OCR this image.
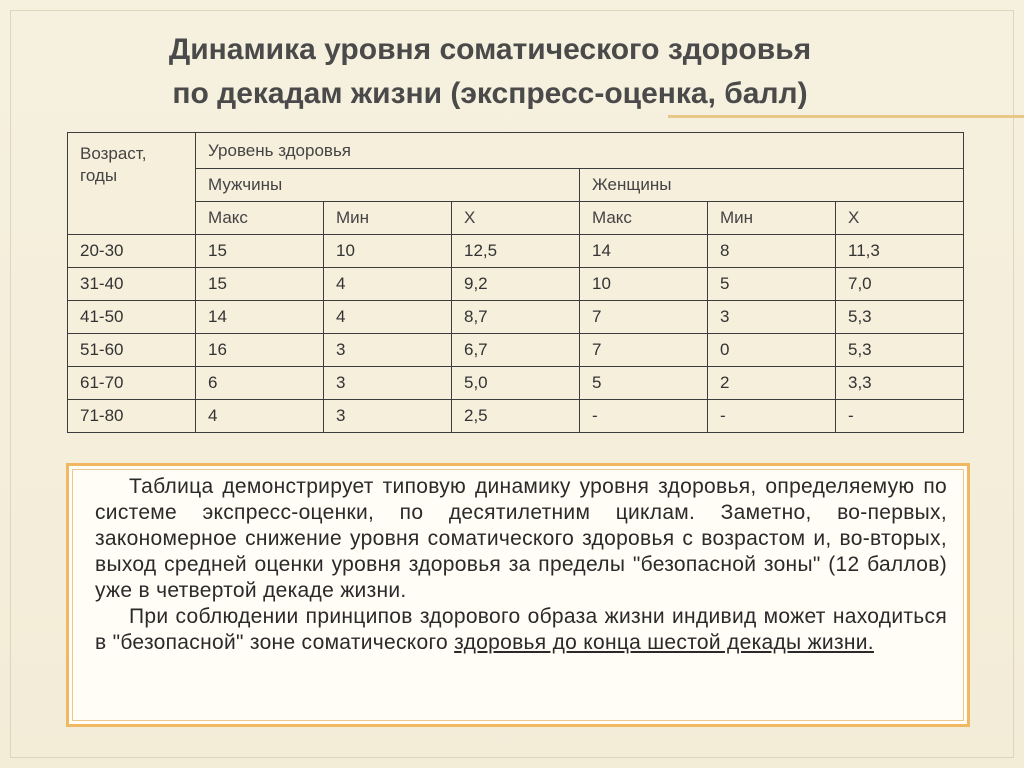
Динамика уровня соматического здоровья
по декадам жизни (экспресс-оценка, балл)
Возраст,
годы	Уровень здоровья					
	Мужчины			Женщины		
	Макс	Мин	Х	Макс	Мин	Х
20-30	15	10	12,5	14	8	11,3
31-40	15	4	9,2	10	5	7,0
41-50	14	4	8,7	7	3	5,3
51-60	16	3	6,7	7	0	5,3
61-70	6	3	5,0	5	2	3,3
71-80	4	3	2,5	-	-	-

Таблица демонстрирует типовую динамику уровня здоровья, определяемую по системе экспресс-оценки, по десятилетним циклам. Заметно, во-первых, закономерное снижение уровня соматического здоровья с возрастом и, во-вторых, выход средней оценки уровня здоровья за пределы "безопасной зоны" (12 баллов) уже в четвертой декаде жизни.

При соблюдении принципов здорового образа жизни индивид может находиться в "безопасной" зоне соматического здоровья до конца шестой декады жизни.
